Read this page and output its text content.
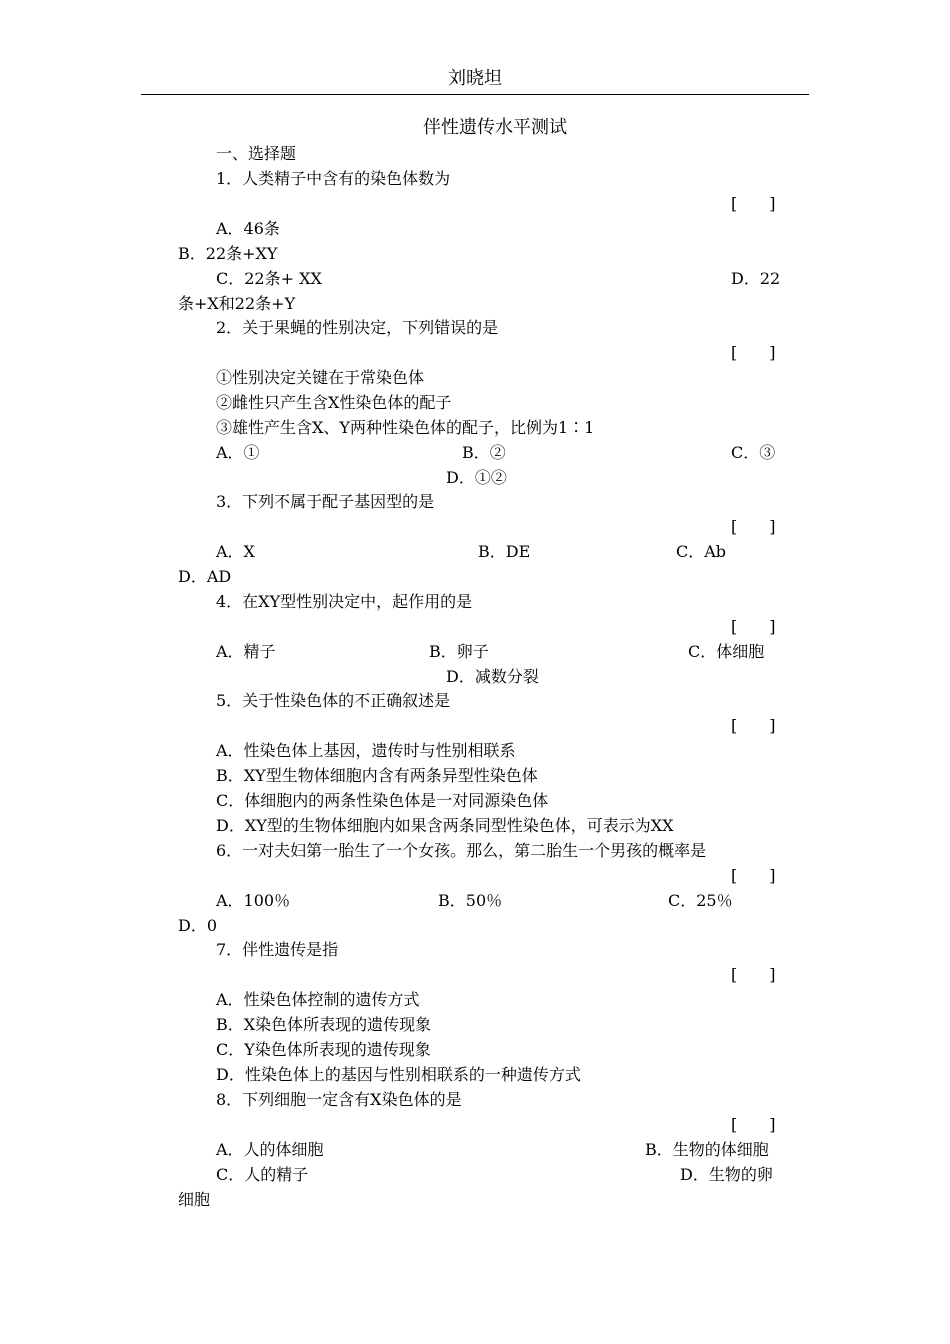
刘晓坦
伴性遗传水平测试
一、选择题
1．人类精子中含有的染色体数为
[　　]
A．46条
B．22条+XY
C．22条+ XX	D．22
条+X和22条+Y
2．关于果蝇的性别决定，下列错误的是
[　　]
①性别决定关键在于常染色体
②雌性只产生含X性染色体的配子
③雄性产生含X、Y两种性染色体的配子，比例为1∶1
A．①	B．②	C．③
D．①②
3．下列不属于配子基因型的是
[　　]
A．X	B．DE	C．Ab
D．AD
4．在XY型性别决定中，起作用的是
[　　]
A．精子	B．卵子	C．体细胞
D．减数分裂
5．关于性染色体的不正确叙述是
[　　]
A．性染色体上基因，遗传时与性别相联系
B．XY型生物体细胞内含有两条异型性染色体
C．体细胞内的两条性染色体是一对同源染色体
D．XY型的生物体细胞内如果含两条同型性染色体，可表示为XX
6．一对夫妇第一胎生了一个女孩。那么，第二胎生一个男孩的概率是
[　　]
A．100％	B．50％	C．25％
D．0
7．伴性遗传是指
[　　]
A．性染色体控制的遗传方式
B．X染色体所表现的遗传现象
C．Y染色体所表现的遗传现象
D．性染色体上的基因与性别相联系的一种遗传方式
8．下列细胞一定含有X染色体的是
[　　]
A．人的体细胞	B．生物的体细胞
C．人的精子	D．生物的卵
细胞
